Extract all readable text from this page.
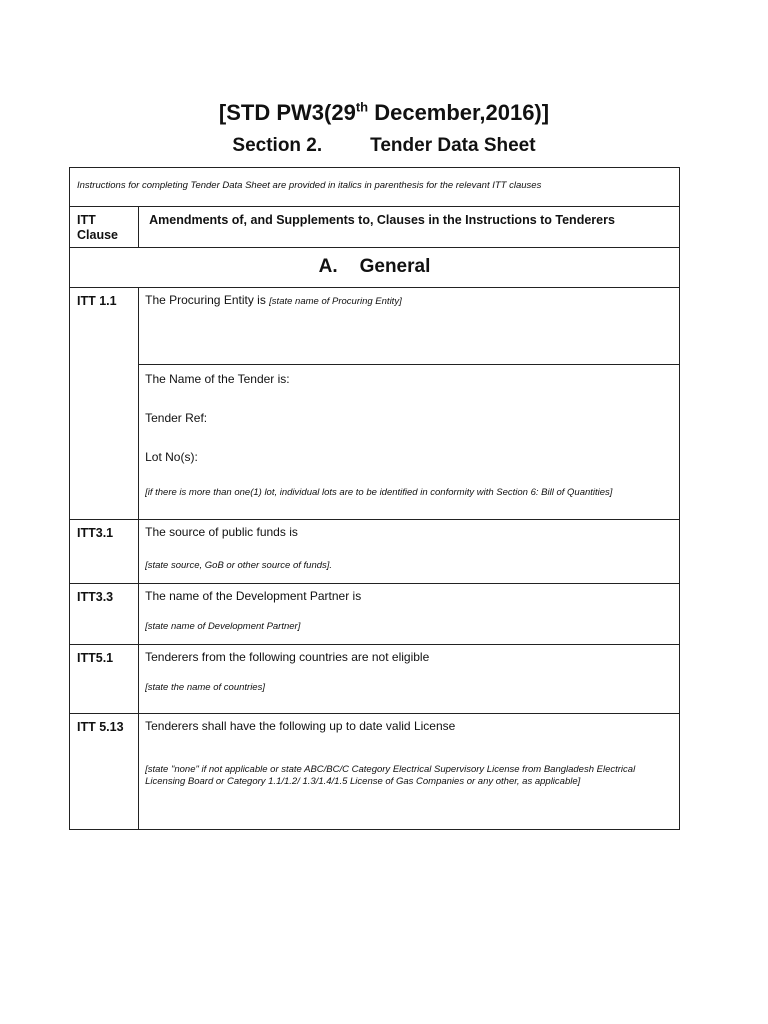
[STD PW3(29th December,2016)]
Section 2.	Tender Data Sheet
Instructions for completing Tender Data Sheet are provided in italics in parenthesis for the relevant ITT clauses	

ITT Clause	Amendments of, and Supplements to, Clauses in the Instructions to Tenderers

A. General	

ITT 1.1	The Procuring Entity is [state name of Procuring Entity]

	The Name of the Tender is:
Tender Ref:
Lot No(s):
[if there is more than one(1) lot, individual lots are to be identified in conformity with Section 6: Bill of Quantities]

ITT3.1	The source of public funds is
[state source, GoB or other source of funds].

ITT3.3	The name of the Development Partner is
[state name of Development Partner]

ITT5.1	Tenderers from the following countries are not eligible
[state the name of countries]

ITT 5.13	Tenderers shall have the following up to date valid License
[state "none" if not applicable or state ABC/BC/C Category Electrical Supervisory License from Bangladesh Electrical Licensing Board or Category 1.1/1.2/ 1.3/1.4/1.5 License of Gas Companies or any other, as applicable]
